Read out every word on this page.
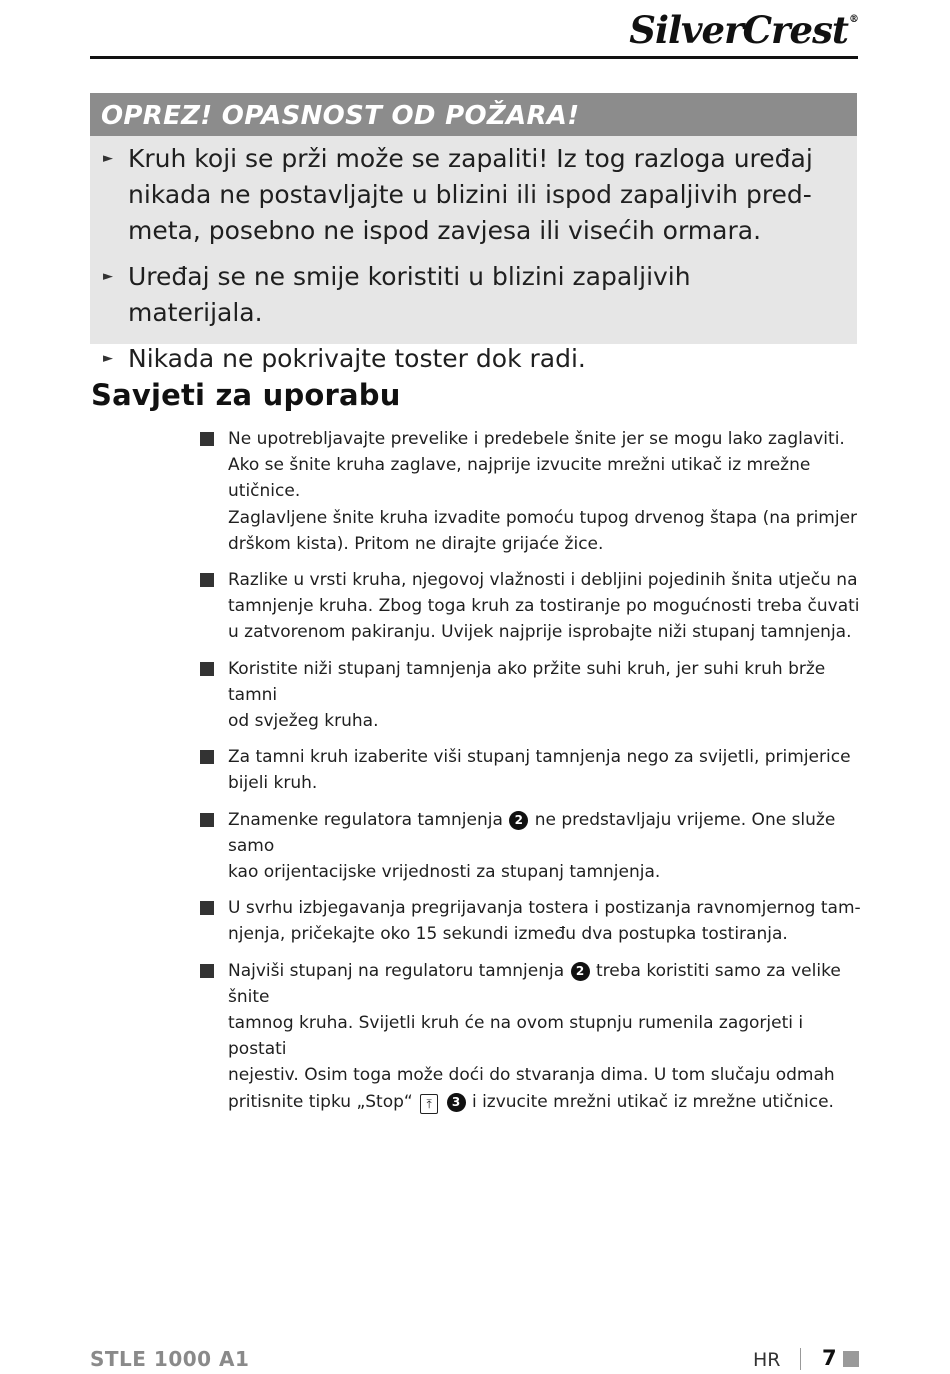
SilverCrest®
OPREZ! OPASNOST OD POŽARA!
► Kruh koji se prži može se zapaliti! Iz tog razloga uređaj
nikada ne postavljajte u blizini ili ispod zapaljivih pred-
meta, posebno ne ispod zavjesa ili visećih ormara.
► Uređaj se ne smije koristiti u blizini zapaljivih materijala.
► Nikada ne pokrivajte toster dok radi.
Savjeti za uporabu
Ne upotrebljavajte prevelike i predebele šnite jer se mogu lako zaglaviti.
Ako se šnite kruha zaglave, najprije izvucite mrežni utikač iz mrežne utičnice.
Zaglavljene šnite kruha izvadite pomoću tupog drvenog štapa (na primjer
drškom kista). Pritom ne dirajte grijaće žice.
Razlike u vrsti kruha, njegovoj vlažnosti i debljini pojedinih šnita utječu na
tamnjenje kruha. Zbog toga kruh za tostiranje po mogućnosti treba čuvati
u zatvorenom pakiranju. Uvijek najprije isprobajte niži stupanj tamnjenja.
Koristite niži stupanj tamnjenja ako pržite suhi kruh, jer suhi kruh brže tamni
od svježeg kruha.
Za tamni kruh izaberite viši stupanj tamnjenja nego za svijetli, primjerice
bijeli kruh.
Znamenke regulatora tamnjenja 2 ne predstavljaju vrijeme. One služe samo
kao orijentacijske vrijednosti za stupanj tamnjenja.
U svrhu izbjegavanja pregrijavanja tostera i postizanja ravnomjernog tam-
njenja, pričekajte oko 15 sekundi između dva postupka tostiranja.
Najviši stupanj na regulatoru tamnjenja 2 treba koristiti samo za velike šnite
tamnog kruha. Svijetli kruh će na ovom stupnju rumenila zagorjeti i postati
nejestiv. Osim toga može doći do stvaranja dima. U tom slučaju odmah
pritisnite tipku „Stop“ ⤒ 3 i izvucite mrežni utikač iz mrežne utičnice.
STLE 1000 A1	HR 7
